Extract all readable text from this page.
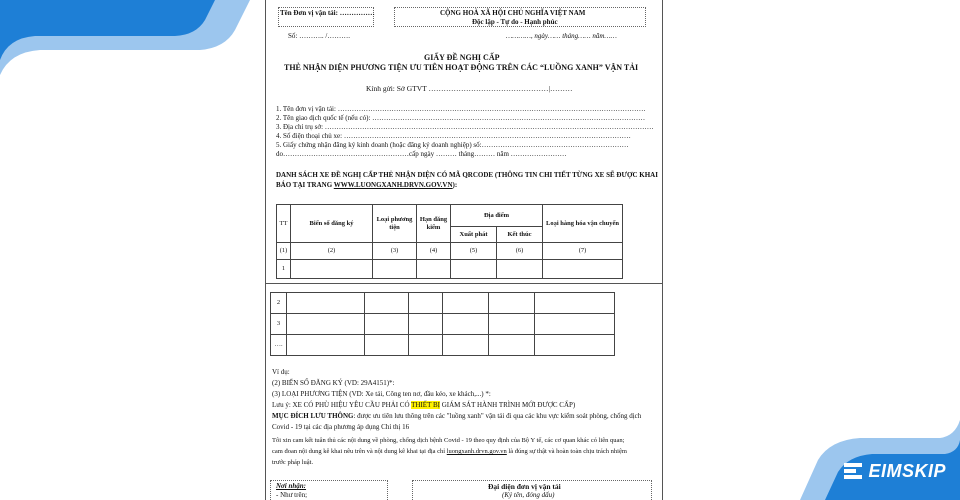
EIMSKIP
Tên Đơn vị vận tải: ……………	CỘNG HOÀ XÃ HỘI CHỦ NGHĨA VIỆT NAM
Độc lập - Tự do - Hạnh phúc
Số: ……….. /……….	…………, ngày…… tháng…… năm……
GIẤY ĐỀ NGHỊ CẤP
THẺ NHẬN DIỆN PHƯƠNG TIỆN ƯU TIÊN HOẠT ĐỘNG TRÊN CÁC “LUỒNG XANH” VẬN TẢI
Kính gửi: Sở GTVT …………………………………………|………
1. Tên đơn vị vận tải: ……………………………………………………………………………………………………………………
2. Tên giao dịch quốc tế (nếu có): ………………………………………………………………………………………………………
3. Địa chỉ trụ sở: ……………………………………………………………………………………………………………………………
4. Số điện thoại chủ xe: ……………………………………………………………………………………………………………
5. Giấy chứng nhận đăng ký kinh doanh (hoặc đăng ký doanh nghiệp) số:………………………………………………………
do………………………………………………cấp ngày ……… tháng……… năm ……………………
DANH SÁCH XE ĐỀ NGHỊ CẤP THẺ NHẬN DIỆN CÓ MÃ QRCODE (THÔNG TIN CHI TIẾT TỪNG XE SẼ ĐƯỢC KHAI
BÁO TẠI TRANG WWW.LUONGXANH.DRVN.GOV.VN):
TT	Biển số đăng ký	Loại phương tiện	Hạn đăng kiểm	Địa điểm		Loại hàng hóa vận chuyển
				Xuất phát	Kết thúc	
(1)	(2)	(3)	(4)	(5)	(6)	(7)
1						
2						
3						
….						
Ví dụ:
(2) BIỂN SỐ ĐĂNG KÝ (VD: 29A4151)*:
(3) LOẠI PHƯƠNG TIỆN (VD: Xe tải, Công ten nơ, đầu kéo, xe khách,...) *:
Lưu ý: XE CÓ PHÙ HIỆU YÊU CẦU PHẢI CÓ THIẾT BỊ GIÁM SÁT HÀNH TRÌNH MỚI ĐƯỢC CẤP)
MỤC ĐÍCH LƯU THÔNG: được ưu tiên lưu thông trên các "luồng xanh" vận tải đi qua các khu vực kiểm soát phòng, chống dịch
Covid - 19 tại các địa phương áp dụng Chỉ thị 16
Tôi xin cam kết tuân thủ các nội dung về phòng, chống dịch bệnh Covid - 19 theo quy định của Bộ Y tế, các cơ quan khác có liên quan;
cam đoan nội dung kê khai nêu trên và nội dung kê khai tại địa chỉ luongxanh.drvn.gov.vn là đúng sự thật và hoàn toàn chịu trách nhiệm
trước pháp luật.
Nơi nhận:
- Như trên;
Đại diện đơn vị vận tải
(Ký tên, đóng dấu)
